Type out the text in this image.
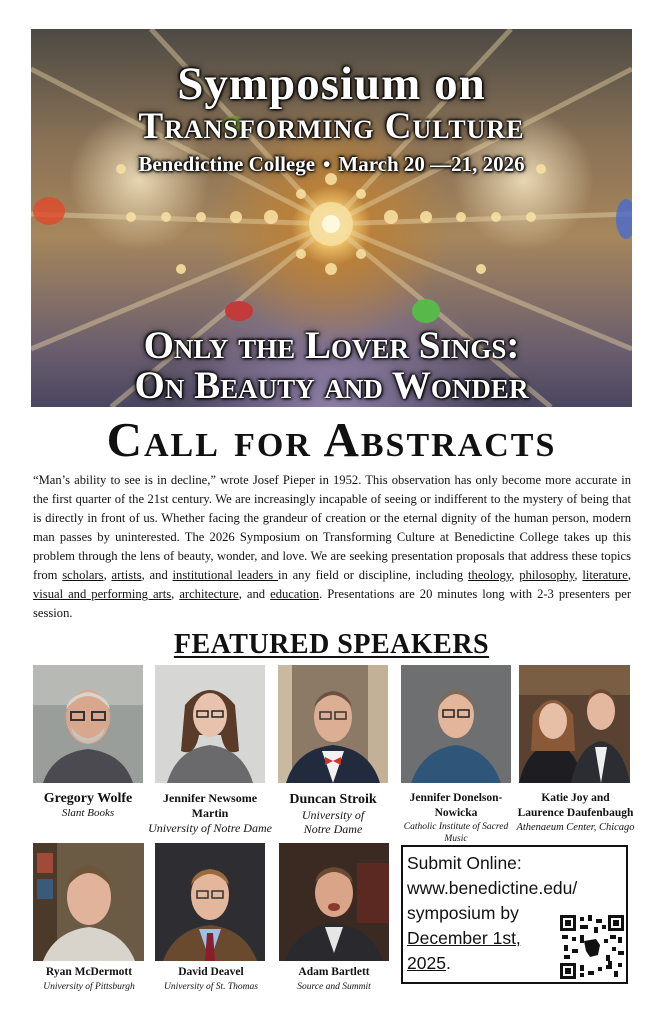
Symposium on
Transforming Culture
Benedictine College • March 20 —21, 2026
Only the Lover Sings:
On Beauty and Wonder
Call for Abstracts

“Man’s ability to see is in decline,” wrote Josef Pieper in 1952. This observation has only become more accurate in the first quarter of the 21st century. We are increasingly incapable of seeing or indifferent to the mystery of being that is directly in front of us. Whether facing the grandeur of creation or the eternal dignity of the human person, modern man passes by uninterested. The 2026 Symposium on Transforming Culture at Benedictine College takes up this problem through the lens of beauty, wonder, and love. We are seeking presentation proposals that address these topics from scholars, artists, and institutional leaders in any field or discipline, including theology, philosophy, literature, visual and performing arts, architecture, and education. Presentations are 20 minutes long with 2-3 presenters per session.

FEATURED SPEAKERS
Gregory Wolfe
Slant Books
Jennifer Newsome Martin
University of Notre Dame
Duncan Stroik
University of Notre Dame
Jennifer Donelson-Nowicka
Catholic Institute of Sacred Music
Katie Joy and Laurence Daufenbaugh
Athenaeum Center, Chicago
Ryan McDermott
University of Pittsburgh
David Deavel
University of St. Thomas
Adam Bartlett
Source and Summit
Submit Online:
www.benedictine.edu/
symposium by
December 1st,
2025.
